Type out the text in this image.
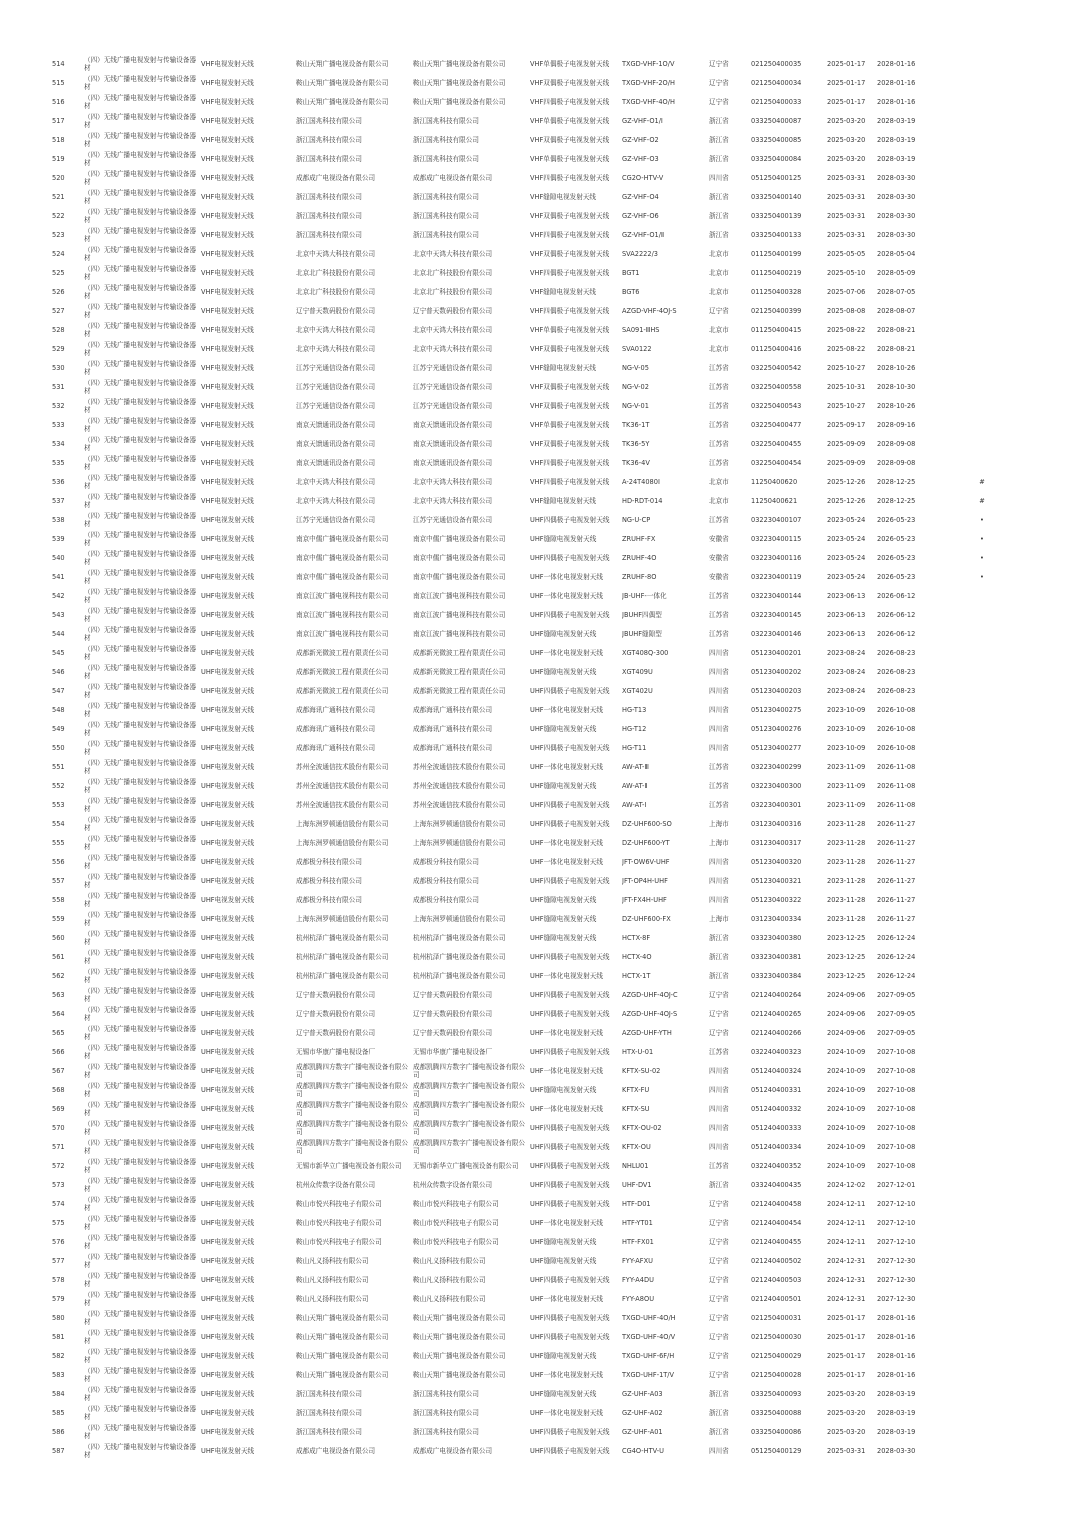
514	（四）无线广播电视发射与传输设备器材	VHF电视发射天线	鞍山天翔广播电视设备有限公司	鞍山天翔广播电视设备有限公司	VHF单偶极子电视发射天线	TXGD-VHF-1O/V	辽宁省	021250400035	2025-01-17	2028-01-16	
515	（四）无线广播电视发射与传输设备器材	VHF电视发射天线	鞍山天翔广播电视设备有限公司	鞍山天翔广播电视设备有限公司	VHF双偶极子电视发射天线	TXGD-VHF-2O/H	辽宁省	021250400034	2025-01-17	2028-01-16	
516	（四）无线广播电视发射与传输设备器材	VHF电视发射天线	鞍山天翔广播电视设备有限公司	鞍山天翔广播电视设备有限公司	VHF四偶极子电视发射天线	TXGD-VHF-4O/H	辽宁省	021250400033	2025-01-17	2028-01-16	
517	（四）无线广播电视发射与传输设备器材	VHF电视发射天线	浙江国兆科技有限公司	浙江国兆科技有限公司	VHF单偶极子电视发射天线	GZ-VHF-O1/Ⅰ	浙江省	033250400087	2025-03-20	2028-03-19	
518	（四）无线广播电视发射与传输设备器材	VHF电视发射天线	浙江国兆科技有限公司	浙江国兆科技有限公司	VHF双偶极子电视发射天线	GZ-VHF-O2	浙江省	033250400085	2025-03-20	2028-03-19	
519	（四）无线广播电视发射与传输设备器材	VHF电视发射天线	浙江国兆科技有限公司	浙江国兆科技有限公司	VHF单偶极子电视发射天线	GZ-VHF-O3	浙江省	033250400084	2025-03-20	2028-03-19	
520	（四）无线广播电视发射与传输设备器材	VHF电视发射天线	成都成广电视设备有限公司	成都成广电视设备有限公司	VHF四偶极子电视发射天线	CG2O-HTV-V	四川省	051250400125	2025-03-31	2028-03-30	
521	（四）无线广播电视发射与传输设备器材	VHF电视发射天线	浙江国兆科技有限公司	浙江国兆科技有限公司	VHF缝隙电视发射天线	GZ-VHF-O4	浙江省	033250400140	2025-03-31	2028-03-30	
522	（四）无线广播电视发射与传输设备器材	VHF电视发射天线	浙江国兆科技有限公司	浙江国兆科技有限公司	VHF双偶极子电视发射天线	GZ-VHF-O6	浙江省	033250400139	2025-03-31	2028-03-30	
523	（四）无线广播电视发射与传输设备器材	VHF电视发射天线	浙江国兆科技有限公司	浙江国兆科技有限公司	VHF四偶极子电视发射天线	GZ-VHF-O1/Ⅱ	浙江省	033250400133	2025-03-31	2028-03-30	
524	（四）无线广播电视发射与传输设备器材	VHF电视发射天线	北京中天鸿大科技有限公司	北京中天鸿大科技有限公司	VHF双偶极子电视发射天线	SVA2222/3	北京市	011250400199	2025-05-05	2028-05-04	
525	（四）无线广播电视发射与传输设备器材	VHF电视发射天线	北京北广科技股份有限公司	北京北广科技股份有限公司	VHF四偶极子电视发射天线	BGT1	北京市	011250400219	2025-05-10	2028-05-09	
526	（四）无线广播电视发射与传输设备器材	VHF电视发射天线	北京北广科技股份有限公司	北京北广科技股份有限公司	VHF缝隙电视发射天线	BGT6	北京市	011250400328	2025-07-06	2028-07-05	
527	（四）无线广播电视发射与传输设备器材	VHF电视发射天线	辽宁普天数码股份有限公司	辽宁普天数码股份有限公司	VHF四偶极子电视发射天线	AZGD-VHF-4OJ-S	辽宁省	021250400399	2025-08-08	2028-08-07	
528	（四）无线广播电视发射与传输设备器材	VHF电视发射天线	北京中天鸿大科技有限公司	北京中天鸿大科技有限公司	VHF单偶极子电视发射天线	SA091-ⅢHS	北京市	011250400415	2025-08-22	2028-08-21	
529	（四）无线广播电视发射与传输设备器材	VHF电视发射天线	北京中天鸿大科技有限公司	北京中天鸿大科技有限公司	VHF双偶极子电视发射天线	SVA0122	北京市	011250400416	2025-08-22	2028-08-21	
530	（四）无线广播电视发射与传输设备器材	VHF电视发射天线	江苏宁光通信设备有限公司	江苏宁光通信设备有限公司	VHF缝隙电视发射天线	NG-V-05	江苏省	032250400542	2025-10-27	2028-10-26	
531	（四）无线广播电视发射与传输设备器材	VHF电视发射天线	江苏宁光通信设备有限公司	江苏宁光通信设备有限公司	VHF双偶极子电视发射天线	NG-V-02	江苏省	032250400558	2025-10-31	2028-10-30	
532	（四）无线广播电视发射与传输设备器材	VHF电视发射天线	江苏宁光通信设备有限公司	江苏宁光通信设备有限公司	VHF双偶极子电视发射天线	NG-V-01	江苏省	032250400543	2025-10-27	2028-10-26	
533	（四）无线广播电视发射与传输设备器材	VHF电视发射天线	南京天馈通讯设备有限公司	南京天馈通讯设备有限公司	VHF单偶极子电视发射天线	TK36-1T	江苏省	032250400477	2025-09-17	2028-09-16	
534	（四）无线广播电视发射与传输设备器材	VHF电视发射天线	南京天馈通讯设备有限公司	南京天馈通讯设备有限公司	VHF双偶极子电视发射天线	TK36-5Y	江苏省	032250400455	2025-09-09	2028-09-08	
535	（四）无线广播电视发射与传输设备器材	VHF电视发射天线	南京天馈通讯设备有限公司	南京天馈通讯设备有限公司	VHF四偶极子电视发射天线	TK36-4V	江苏省	032250400454	2025-09-09	2028-09-08	
536	（四）无线广播电视发射与传输设备器材	VHF电视发射天线	北京中天鸿大科技有限公司	北京中天鸿大科技有限公司	VHF四偶极子电视发射天线	A-24T4080I	北京市	11250400620	2025-12-26	2028-12-25	#
537	（四）无线广播电视发射与传输设备器材	VHF电视发射天线	北京中天鸿大科技有限公司	北京中天鸿大科技有限公司	VHF缝隙电视发射天线	HD-RDT-014	北京市	11250400621	2025-12-26	2028-12-25	#
538	（四）无线广播电视发射与传输设备器材	UHF电视发射天线	江苏宁光通信设备有限公司	江苏宁光通信设备有限公司	UHF四偶极子电视发射天线	NG-U-CP	江苏省	032230400107	2023-05-24	2026-05-23	•
539	（四）无线广播电视发射与传输设备器材	UHF电视发射天线	南京中儒广播电视设备有限公司	南京中儒广播电视设备有限公司	UHF缝隙电视发射天线	ZRUHF-FX	安徽省	032230400115	2023-05-24	2026-05-23	•
540	（四）无线广播电视发射与传输设备器材	UHF电视发射天线	南京中儒广播电视设备有限公司	南京中儒广播电视设备有限公司	UHF四偶极子电视发射天线	ZRUHF-4O	安徽省	032230400116	2023-05-24	2026-05-23	•
541	（四）无线广播电视发射与传输设备器材	UHF电视发射天线	南京中儒广播电视设备有限公司	南京中儒广播电视设备有限公司	UHF一体化电视发射天线	ZRUHF-8O	安徽省	032230400119	2023-05-24	2026-05-23	•
542	（四）无线广播电视发射与传输设备器材	UHF电视发射天线	南京江波广播电视科技有限公司	南京江波广播电视科技有限公司	UHF一体化电视发射天线	JB-UHF-一体化	江苏省	032230400144	2023-06-13	2026-06-12	
543	（四）无线广播电视发射与传输设备器材	UHF电视发射天线	南京江波广播电视科技有限公司	南京江波广播电视科技有限公司	UHF四偶极子电视发射天线	JBUHF四偶型	江苏省	032230400145	2023-06-13	2026-06-12	
544	（四）无线广播电视发射与传输设备器材	UHF电视发射天线	南京江波广播电视科技有限公司	南京江波广播电视科技有限公司	UHF缝隙电视发射天线	JBUHF缝隙型	江苏省	032230400146	2023-06-13	2026-06-12	
545	（四）无线广播电视发射与传输设备器材	UHF电视发射天线	成都新光微波工程有限责任公司	成都新光微波工程有限责任公司	UHF一体化电视发射天线	XGT408Q-300	四川省	051230400201	2023-08-24	2026-08-23	
546	（四）无线广播电视发射与传输设备器材	UHF电视发射天线	成都新光微波工程有限责任公司	成都新光微波工程有限责任公司	UHF缝隙电视发射天线	XGT409U	四川省	051230400202	2023-08-24	2026-08-23	
547	（四）无线广播电视发射与传输设备器材	UHF电视发射天线	成都新光微波工程有限责任公司	成都新光微波工程有限责任公司	UHF四偶极子电视发射天线	XGT402U	四川省	051230400203	2023-08-24	2026-08-23	
548	（四）无线广播电视发射与传输设备器材	UHF电视发射天线	成都海讯广通科技有限公司	成都海讯广通科技有限公司	UHF一体化电视发射天线	HG-T13	四川省	051230400275	2023-10-09	2026-10-08	
549	（四）无线广播电视发射与传输设备器材	UHF电视发射天线	成都海讯广通科技有限公司	成都海讯广通科技有限公司	UHF缝隙电视发射天线	HG-T12	四川省	051230400276	2023-10-09	2026-10-08	
550	（四）无线广播电视发射与传输设备器材	UHF电视发射天线	成都海讯广通科技有限公司	成都海讯广通科技有限公司	UHF四偶极子电视发射天线	HG-T11	四川省	051230400277	2023-10-09	2026-10-08	
551	（四）无线广播电视发射与传输设备器材	UHF电视发射天线	苏州全波通信技术股份有限公司	苏州全波通信技术股份有限公司	UHF一体化电视发射天线	AW-AT-Ⅲ	江苏省	032230400299	2023-11-09	2026-11-08	
552	（四）无线广播电视发射与传输设备器材	UHF电视发射天线	苏州全波通信技术股份有限公司	苏州全波通信技术股份有限公司	UHF缝隙电视发射天线	AW-AT-Ⅱ	江苏省	032230400300	2023-11-09	2026-11-08	
553	（四）无线广播电视发射与传输设备器材	UHF电视发射天线	苏州全波通信技术股份有限公司	苏州全波通信技术股份有限公司	UHF四偶极子电视发射天线	AW-AT-Ⅰ	江苏省	032230400301	2023-11-09	2026-11-08	
554	（四）无线广播电视发射与传输设备器材	UHF电视发射天线	上海东洲罗顿通信股份有限公司	上海东洲罗顿通信股份有限公司	UHF四偶极子电视发射天线	DZ-UHF600-SO	上海市	031230400316	2023-11-28	2026-11-27	
555	（四）无线广播电视发射与传输设备器材	UHF电视发射天线	上海东洲罗顿通信股份有限公司	上海东洲罗顿通信股份有限公司	UHF一体化电视发射天线	DZ-UHF600-YT	上海市	031230400317	2023-11-28	2026-11-27	
556	（四）无线广播电视发射与传输设备器材	UHF电视发射天线	成都极分科技有限公司	成都极分科技有限公司	UHF一体化电视发射天线	JFT-OW6V-UHF	四川省	051230400320	2023-11-28	2026-11-27	
557	（四）无线广播电视发射与传输设备器材	UHF电视发射天线	成都极分科技有限公司	成都极分科技有限公司	UHF四偶极子电视发射天线	JFT-OP4H-UHF	四川省	051230400321	2023-11-28	2026-11-27	
558	（四）无线广播电视发射与传输设备器材	UHF电视发射天线	成都极分科技有限公司	成都极分科技有限公司	UHF缝隙电视发射天线	JFT-FX4H-UHF	四川省	051230400322	2023-11-28	2026-11-27	
559	（四）无线广播电视发射与传输设备器材	UHF电视发射天线	上海东洲罗顿通信股份有限公司	上海东洲罗顿通信股份有限公司	UHF缝隙电视发射天线	DZ-UHF600-FX	上海市	031230400334	2023-11-28	2026-11-27	
560	（四）无线广播电视发射与传输设备器材	UHF电视发射天线	杭州杭泽广播电视设备有限公司	杭州杭泽广播电视设备有限公司	UHF缝隙电视发射天线	HCTX-8F	浙江省	033230400380	2023-12-25	2026-12-24	
561	（四）无线广播电视发射与传输设备器材	UHF电视发射天线	杭州杭泽广播电视设备有限公司	杭州杭泽广播电视设备有限公司	UHF四偶极子电视发射天线	HCTX-4O	浙江省	033230400381	2023-12-25	2026-12-24	
562	（四）无线广播电视发射与传输设备器材	UHF电视发射天线	杭州杭泽广播电视设备有限公司	杭州杭泽广播电视设备有限公司	UHF一体化电视发射天线	HCTX-1T	浙江省	033230400384	2023-12-25	2026-12-24	
563	（四）无线广播电视发射与传输设备器材	UHF电视发射天线	辽宁普天数码股份有限公司	辽宁普天数码股份有限公司	UHF四偶极子电视发射天线	AZGD-UHF-4OJ-C	辽宁省	021240400264	2024-09-06	2027-09-05	
564	（四）无线广播电视发射与传输设备器材	UHF电视发射天线	辽宁普天数码股份有限公司	辽宁普天数码股份有限公司	UHF四偶极子电视发射天线	AZGD-UHF-4OJ-S	辽宁省	021240400265	2024-09-06	2027-09-05	
565	（四）无线广播电视发射与传输设备器材	UHF电视发射天线	辽宁普天数码股份有限公司	辽宁普天数码股份有限公司	UHF一体化电视发射天线	AZGD-UHF-YTH	辽宁省	021240400266	2024-09-06	2027-09-05	
566	（四）无线广播电视发射与传输设备器材	UHF电视发射天线	无锡市华康广播电视设备厂	无锡市华康广播电视设备厂	UHF四偶极子电视发射天线	HTX-U-01	江苏省	032240400323	2024-10-09	2027-10-08	
567	（四）无线广播电视发射与传输设备器材	UHF电视发射天线	成都凯腾四方数字广播电视设备有限公司	成都凯腾四方数字广播电视设备有限公司	UHF一体化电视发射天线	KFTX-SU-02	四川省	051240400324	2024-10-09	2027-10-08	
568	（四）无线广播电视发射与传输设备器材	UHF电视发射天线	成都凯腾四方数字广播电视设备有限公司	成都凯腾四方数字广播电视设备有限公司	UHF缝隙电视发射天线	KFTX-FU	四川省	051240400331	2024-10-09	2027-10-08	
569	（四）无线广播电视发射与传输设备器材	UHF电视发射天线	成都凯腾四方数字广播电视设备有限公司	成都凯腾四方数字广播电视设备有限公司	UHF一体化电视发射天线	KFTX-SU	四川省	051240400332	2024-10-09	2027-10-08	
570	（四）无线广播电视发射与传输设备器材	UHF电视发射天线	成都凯腾四方数字广播电视设备有限公司	成都凯腾四方数字广播电视设备有限公司	UHF四偶极子电视发射天线	KFTX-OU-02	四川省	051240400333	2024-10-09	2027-10-08	
571	（四）无线广播电视发射与传输设备器材	UHF电视发射天线	成都凯腾四方数字广播电视设备有限公司	成都凯腾四方数字广播电视设备有限公司	UHF四偶极子电视发射天线	KFTX-OU	四川省	051240400334	2024-10-09	2027-10-08	
572	（四）无线广播电视发射与传输设备器材	UHF电视发射天线	无锡市新华立广播电视设备有限公司	无锡市新华立广播电视设备有限公司	UHF四偶极子电视发射天线	NHLU01	江苏省	032240400352	2024-10-09	2027-10-08	
573	（四）无线广播电视发射与传输设备器材	UHF电视发射天线	杭州众传数字设备有限公司	杭州众传数字设备有限公司	UHF四偶极子电视发射天线	UHF-DV1	浙江省	033240400435	2024-12-02	2027-12-01	
574	（四）无线广播电视发射与传输设备器材	UHF电视发射天线	鞍山市悦兴科技电子有限公司	鞍山市悦兴科技电子有限公司	UHF四偶极子电视发射天线	HTF-D01	辽宁省	021240400458	2024-12-11	2027-12-10	
575	（四）无线广播电视发射与传输设备器材	UHF电视发射天线	鞍山市悦兴科技电子有限公司	鞍山市悦兴科技电子有限公司	UHF一体化电视发射天线	HTF-YT01	辽宁省	021240400454	2024-12-11	2027-12-10	
576	（四）无线广播电视发射与传输设备器材	UHF电视发射天线	鞍山市悦兴科技电子有限公司	鞍山市悦兴科技电子有限公司	UHF缝隙电视发射天线	HTF-FX01	辽宁省	021240400455	2024-12-11	2027-12-10	
577	（四）无线广播电视发射与传输设备器材	UHF电视发射天线	鞍山凡义扬科技有限公司	鞍山凡义扬科技有限公司	UHF缝隙电视发射天线	FYY-AFXU	辽宁省	021240400502	2024-12-31	2027-12-30	
578	（四）无线广播电视发射与传输设备器材	UHF电视发射天线	鞍山凡义扬科技有限公司	鞍山凡义扬科技有限公司	UHF四偶极子电视发射天线	FYY-A4DU	辽宁省	021240400503	2024-12-31	2027-12-30	
579	（四）无线广播电视发射与传输设备器材	UHF电视发射天线	鞍山凡义扬科技有限公司	鞍山凡义扬科技有限公司	UHF一体化电视发射天线	FYY-A8OU	辽宁省	021240400501	2024-12-31	2027-12-30	
580	（四）无线广播电视发射与传输设备器材	UHF电视发射天线	鞍山天翔广播电视设备有限公司	鞍山天翔广播电视设备有限公司	UHF四偶极子电视发射天线	TXGD-UHF-4O/H	辽宁省	021250400031	2025-01-17	2028-01-16	
581	（四）无线广播电视发射与传输设备器材	UHF电视发射天线	鞍山天翔广播电视设备有限公司	鞍山天翔广播电视设备有限公司	UHF四偶极子电视发射天线	TXGD-UHF-4O/V	辽宁省	021250400030	2025-01-17	2028-01-16	
582	（四）无线广播电视发射与传输设备器材	UHF电视发射天线	鞍山天翔广播电视设备有限公司	鞍山天翔广播电视设备有限公司	UHF缝隙电视发射天线	TXGD-UHF-6F/H	辽宁省	021250400029	2025-01-17	2028-01-16	
583	（四）无线广播电视发射与传输设备器材	UHF电视发射天线	鞍山天翔广播电视设备有限公司	鞍山天翔广播电视设备有限公司	UHF一体化电视发射天线	TXGD-UHF-1T/V	辽宁省	021250400028	2025-01-17	2028-01-16	
584	（四）无线广播电视发射与传输设备器材	UHF电视发射天线	浙江国兆科技有限公司	浙江国兆科技有限公司	UHF缝隙电视发射天线	GZ-UHF-A03	浙江省	033250400093	2025-03-20	2028-03-19	
585	（四）无线广播电视发射与传输设备器材	UHF电视发射天线	浙江国兆科技有限公司	浙江国兆科技有限公司	UHF一体化电视发射天线	GZ-UHF-A02	浙江省	033250400088	2025-03-20	2028-03-19	
586	（四）无线广播电视发射与传输设备器材	UHF电视发射天线	浙江国兆科技有限公司	浙江国兆科技有限公司	UHF四偶极子电视发射天线	GZ-UHF-A01	浙江省	033250400086	2025-03-20	2028-03-19	
587	（四）无线广播电视发射与传输设备器材	UHF电视发射天线	成都成广电视设备有限公司	成都成广电视设备有限公司	UHF四偶极子电视发射天线	CG4O-HTV-U	四川省	051250400129	2025-03-31	2028-03-30	
